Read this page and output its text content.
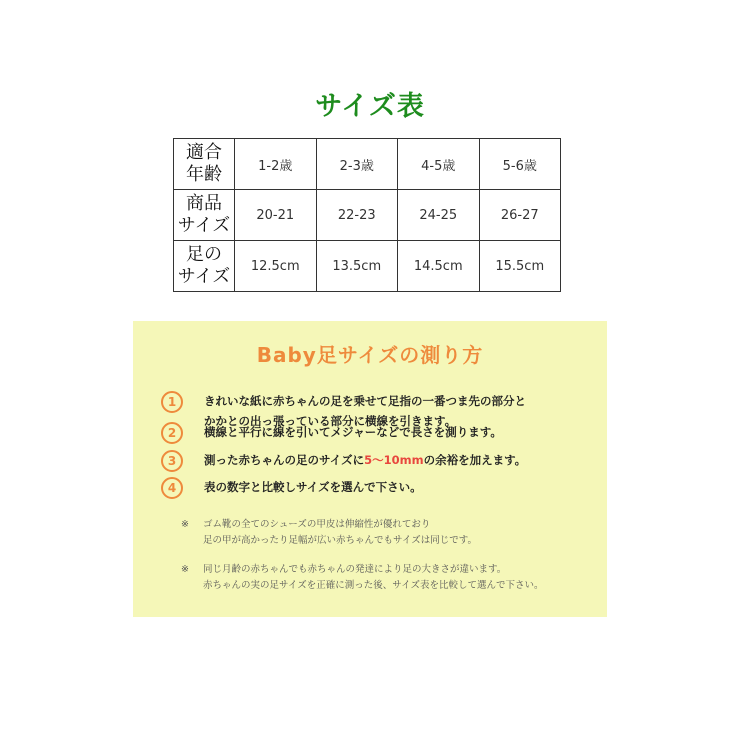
サイズ表
適合
年齢	1-2歳	2-3歳	4-5歳	5-6歳
商品
サイズ	20-21	22-23	24-25	26-27
足の
サイズ	12.5cm	13.5cm	14.5cm	15.5cm
Baby足サイズの測り方
1	きれいな紙に赤ちゃんの足を乗せて足指の一番つま先の部分と
かかとの出っ張っている部分に横線を引きます。
2	横線と平行に線を引いてメジャーなどで長さを測ります。
3	測った赤ちゃんの足のサイズに5～10mmの余裕を加えます。
4	表の数字と比較しサイズを選んで下さい。
※ ゴム靴の全てのシューズの甲皮は伸縮性が優れており
足の甲が高かったり足幅が広い赤ちゃんでもサイズは同じです。
※ 同じ月齢の赤ちゃんでも赤ちゃんの発達により足の大きさが違います。
赤ちゃんの実の足サイズを正確に測った後、サイズ表を比較して選んで下さい。
